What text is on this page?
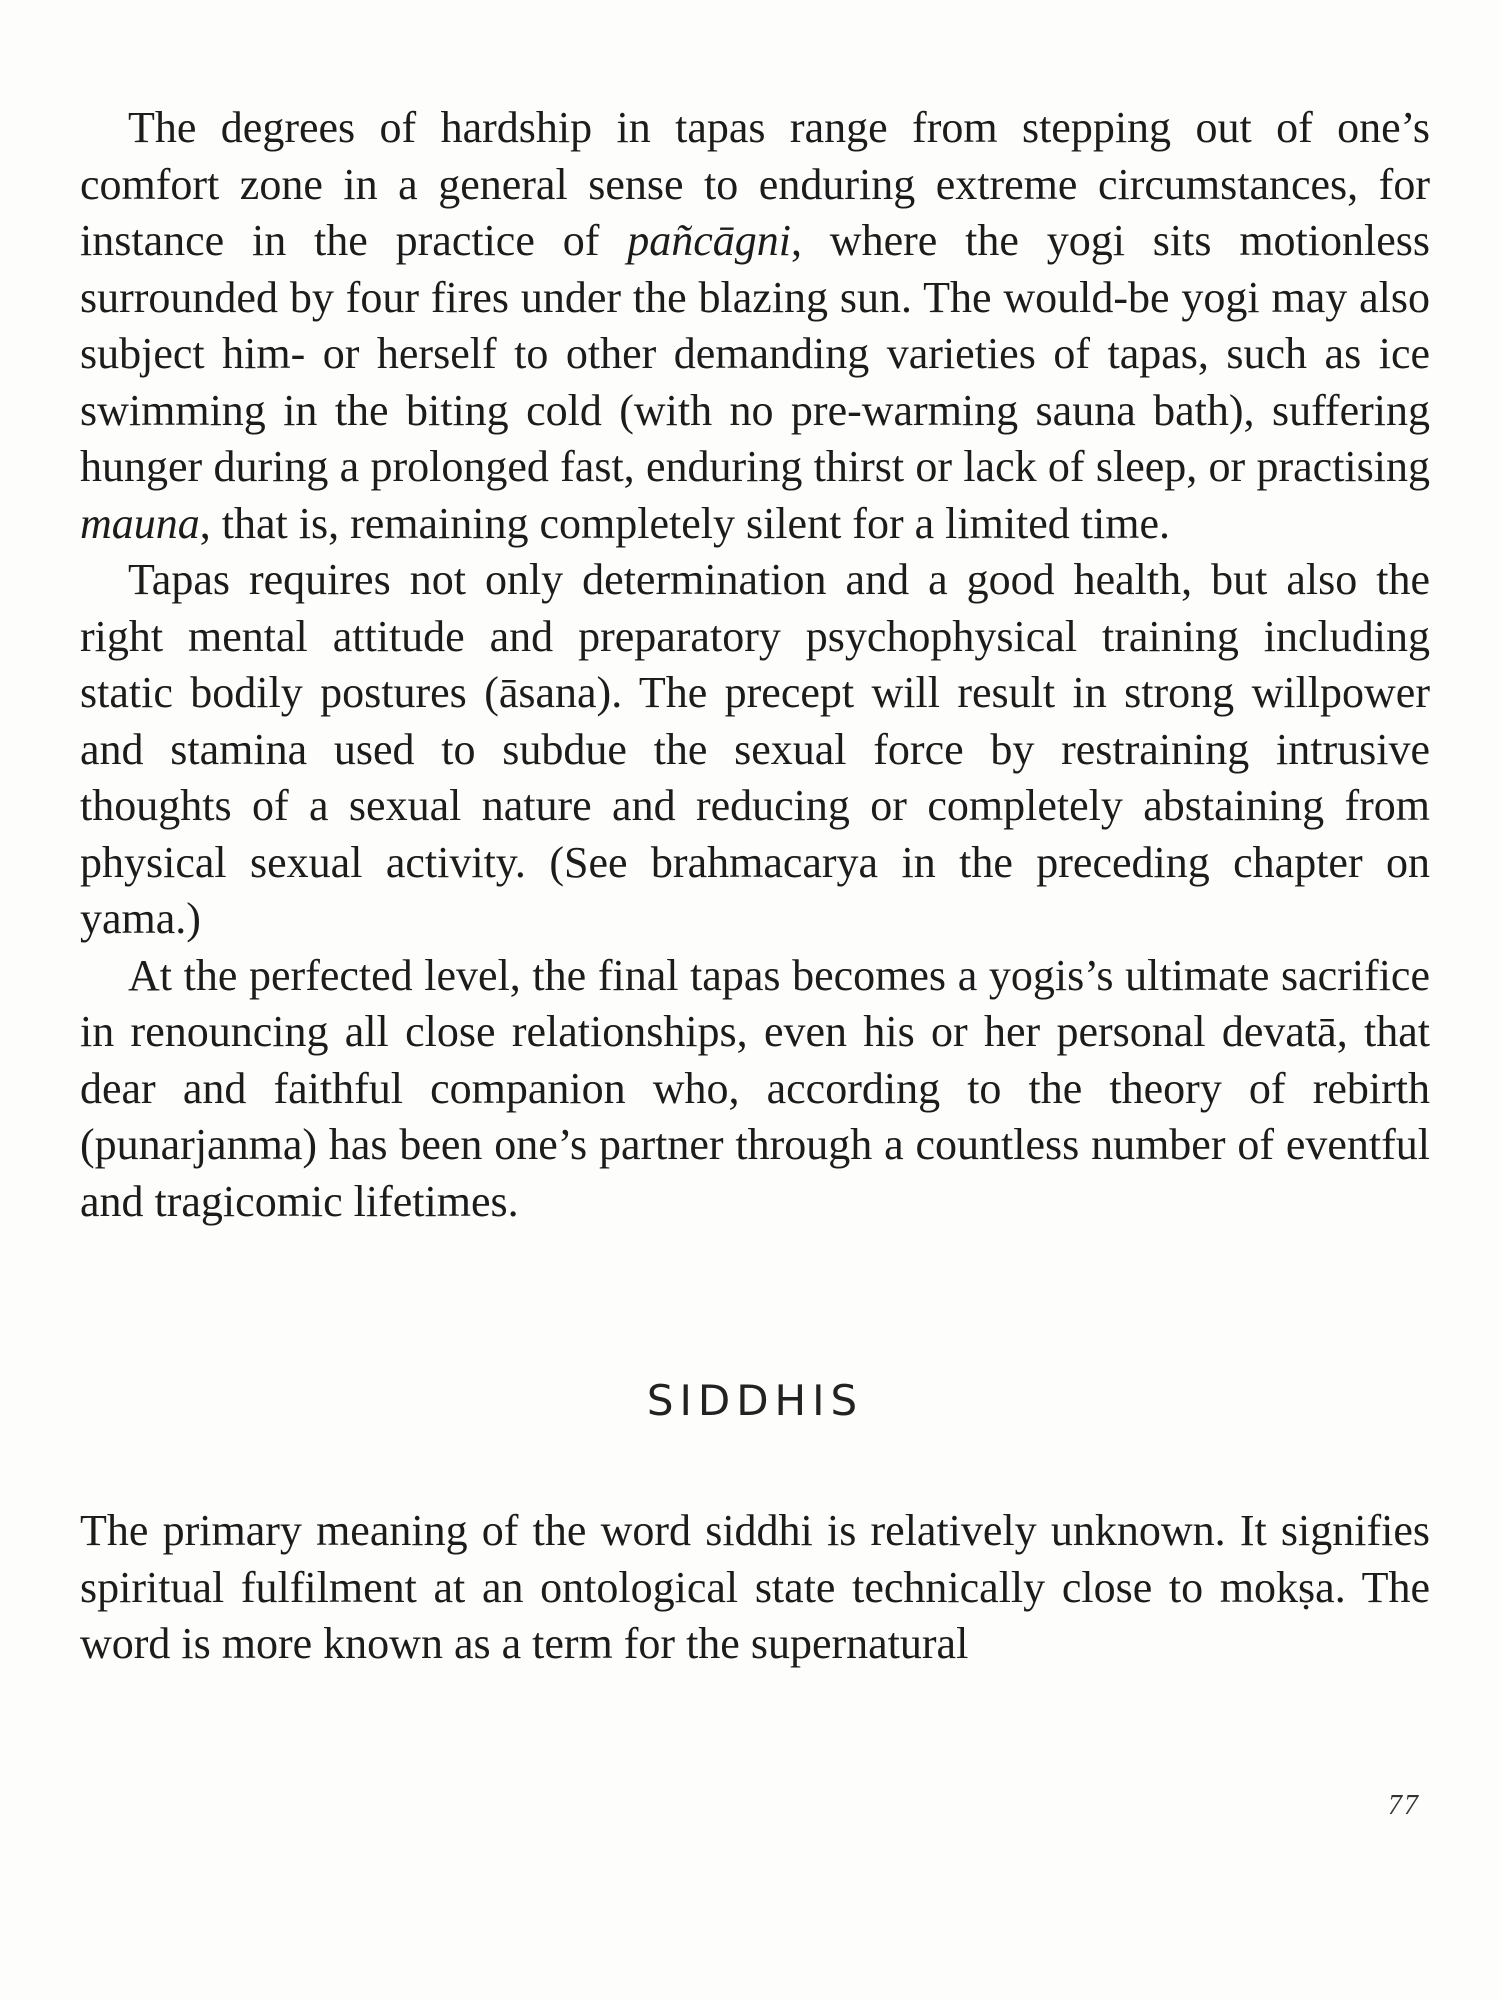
The degrees of hardship in tapas range from stepping out of one’s comfort zone in a general sense to enduring extreme circumstances, for instance in the practice of pañcāgni, where the yogi sits motionless surrounded by four fires under the blazing sun. The would-be yogi may also subject him- or herself to other demanding varieties of tapas, such as ice swimming in the biting cold (with no pre-warming sauna bath), suffering hunger during a prolonged fast, enduring thirst or lack of sleep, or practising mauna, that is, remaining completely silent for a limited time.

Tapas requires not only determination and a good health, but also the right mental attitude and preparatory psychophysical training including static bodily postures (āsana). The precept will result in strong willpower and stamina used to subdue the sexual force by restraining intrusive thoughts of a sexual nature and reducing or completely abstaining from physical sexual activity. (See brahmacarya in the preceding chapter on yama.)

At the perfected level, the final tapas becomes a yogis’s ultimate sacrifice in renouncing all close relationships, even his or her personal devatā, that dear and faithful companion who, according to the theory of rebirth (punarjanma) has been one’s partner through a countless number of eventful and tragicomic lifetimes.

SIDDHIS

The primary meaning of the word siddhi is relatively unknown. It signifies spiritual fulfilment at an ontological state technically close to mokṣa. The word is more known as a term for the supernatural

77
